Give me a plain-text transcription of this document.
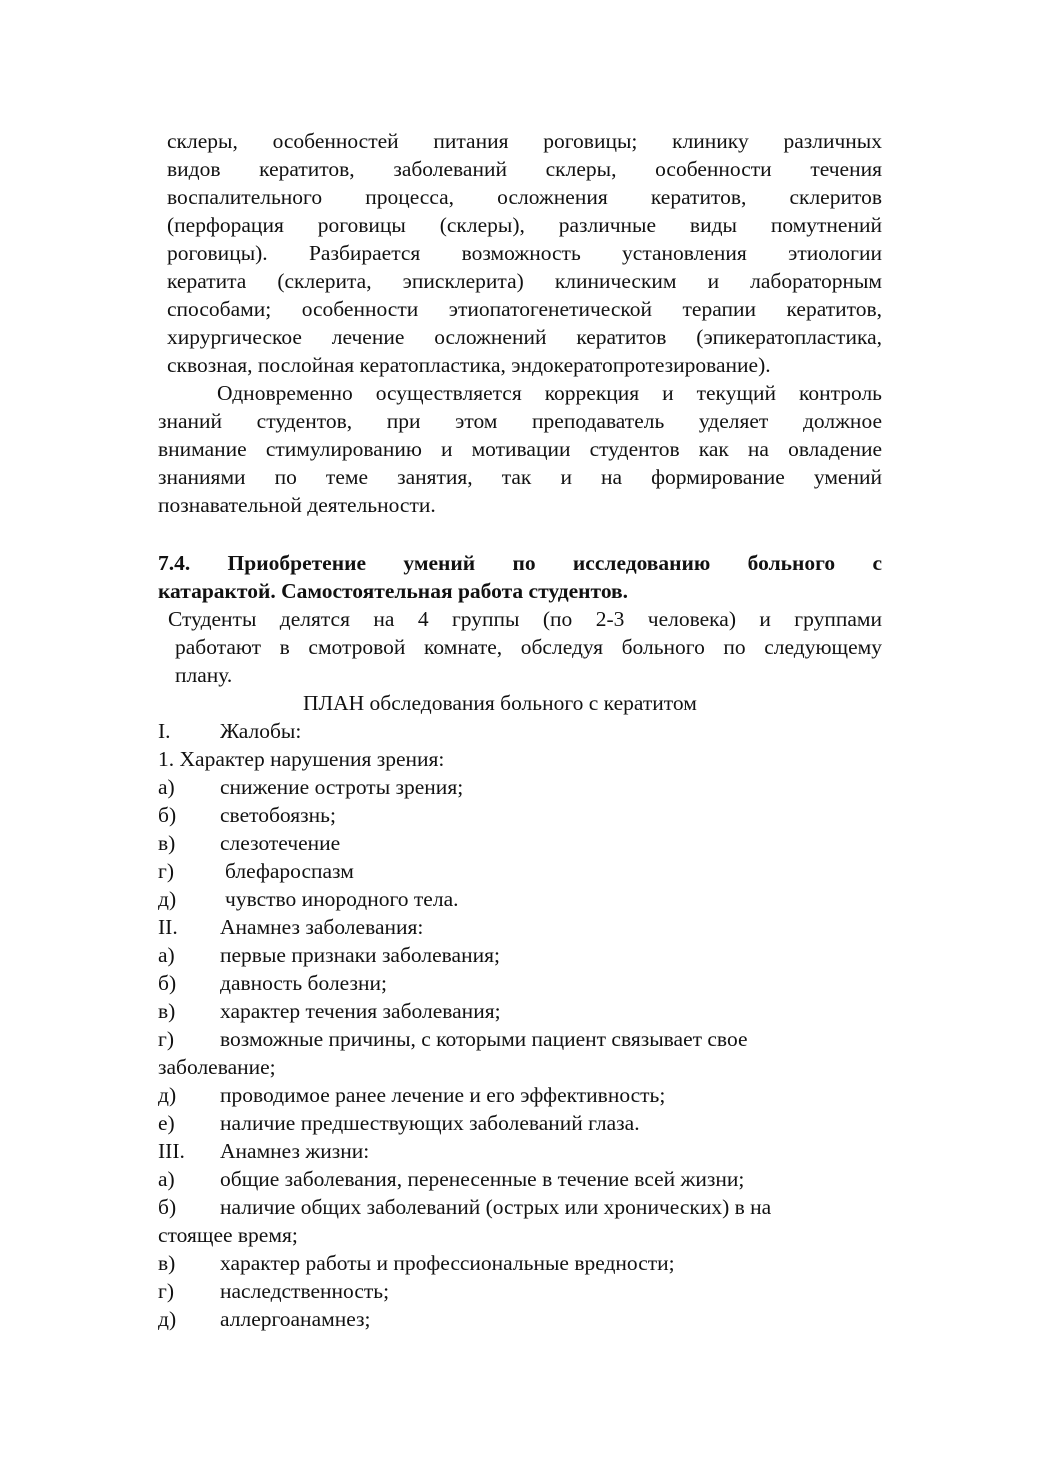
склеры, особенностей питания роговицы; клинику различных
видов кератитов, заболеваний склеры, особенности течения
воспалительного процесса, осложнения кератитов, склеритов
(перфорация роговицы (склеры), различные виды помутнений
роговицы). Разбирается возможность установления этиологии
кератита (склерита, эписклерита) клиническим и лабораторным
способами; особенности этиопатогенетической терапии кератитов,
хирургическое лечение осложнений кератитов (эпикератопластика,
сквозная, послойная кератопластика, эндокератопротезирование).
Одновременно осуществляется коррекция и текущий контроль
знаний студентов, при этом преподаватель уделяет должное
внимание стимулированию и мотивации студентов как на овладение
знаниями по теме занятия, так и на формирование умений
познавательной деятельности.
7.4. Приобретение умений по исследованию больного с
катарактой. Самостоятельная работа студентов.
Студенты делятся на 4 группы (по 2-3 человека) и группами
работают в смотровой комнате, обследуя больного по следующему
плану.
ПЛАН обследования больного с кератитом
I. Жалобы:
1. Характер нарушения зрения:
а) снижение остроты зрения;
б) светобоязнь;
в) слезотечение
г) блефароспазм
д) чувство инородного тела.
II. Анамнез заболевания:
а) первые признаки заболевания;
б) давность болезни;
в) характер течения заболевания;
г) возможные причины, с которыми пациент связывает свое
заболевание;
д) проводимое ранее лечение и его эффективность;
е) наличие предшествующих заболеваний глаза.
III. Анамнез жизни:
а) общие заболевания, перенесенные в течение всей жизни;
б) наличие общих заболеваний (острых или хронических) в на
стоящее время;
в) характер работы и профессиональные вредности;
г) наследственность;
д) аллергоанамнез;
